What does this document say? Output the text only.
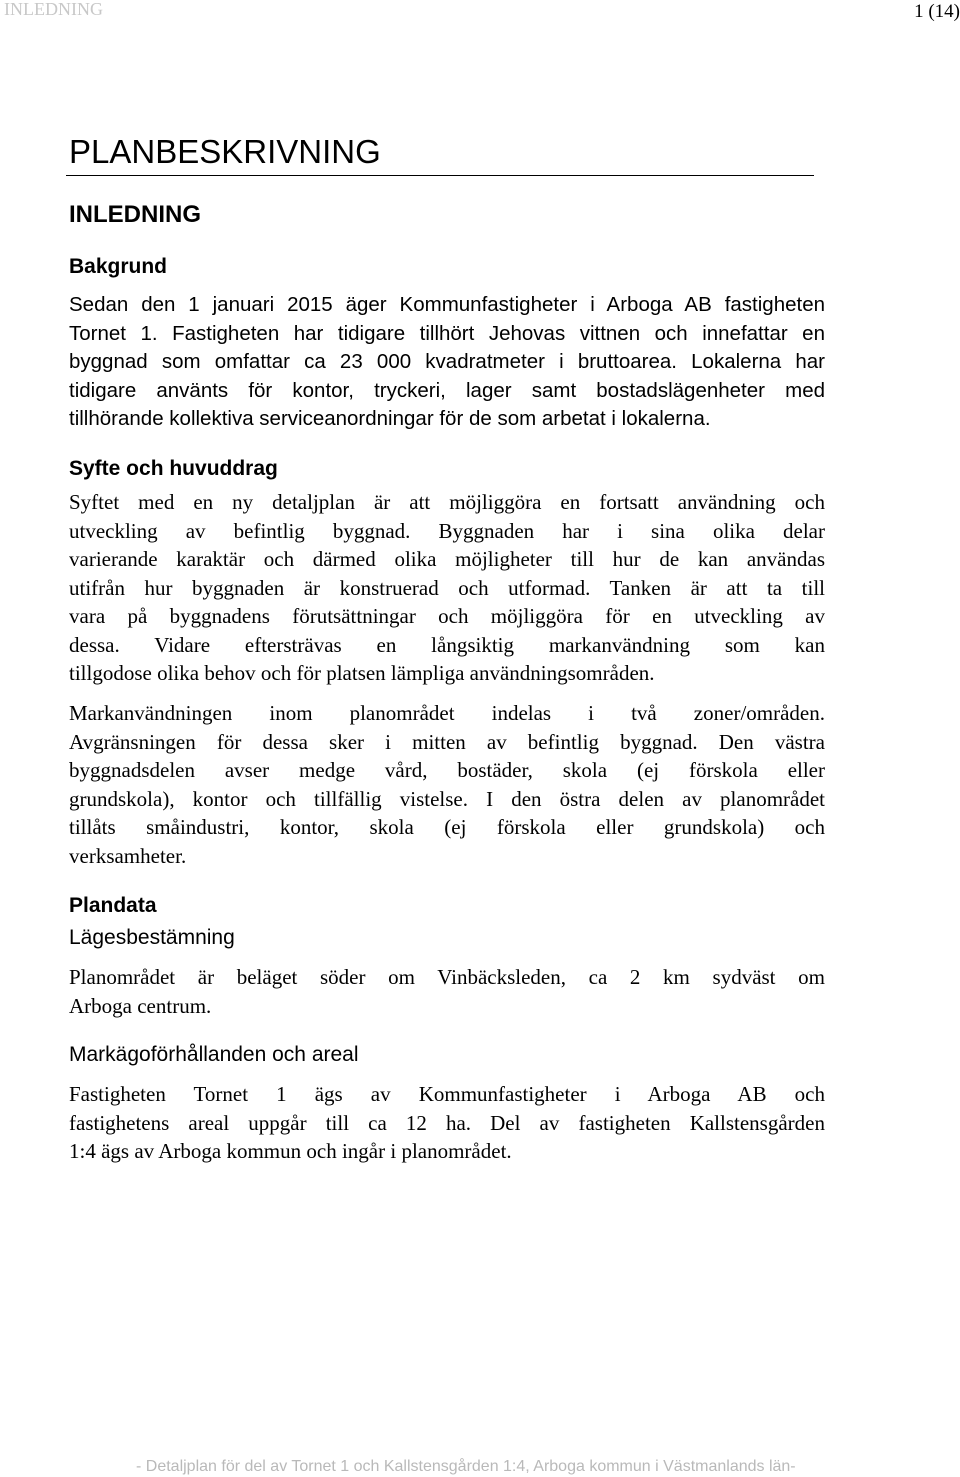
INLEDNING	1 (14)
PLANBESKRIVNING
INLEDNING
Bakgrund
Sedan den 1 januari 2015 äger Kommunfastigheter i Arboga AB fastigheten
Tornet 1. Fastigheten har tidigare tillhört Jehovas vittnen och innefattar en
byggnad som omfattar ca 23 000 kvadratmeter i bruttoarea. Lokalerna har
tidigare använts för kontor, tryckeri, lager samt bostadslägenheter med
tillhörande kollektiva serviceanordningar för de som arbetat i lokalerna.
Syfte och huvuddrag
Syftet med en ny detaljplan är att möjliggöra en fortsatt användning och
utveckling av befintlig byggnad. Byggnaden har i sina olika delar
varierande karaktär och därmed olika möjligheter till hur de kan användas
utifrån hur byggnaden är konstruerad och utformad. Tanken är att ta till
vara på byggnadens förutsättningar och möjliggöra för en utveckling av
dessa. Vidare eftersträvas en långsiktig markanvändning som kan
tillgodose olika behov och för platsen lämpliga användningsområden.
Markanvändningen inom planområdet indelas i två zoner/områden.
Avgränsningen för dessa sker i mitten av befintlig byggnad. Den västra
byggnadsdelen avser medge vård, bostäder, skola (ej förskola eller
grundskola), kontor och tillfällig vistelse. I den östra delen av planområdet
tillåts småindustri, kontor, skola (ej förskola eller grundskola) och
verksamheter.
Plandata
Lägesbestämning
Planområdet är beläget söder om Vinbäcksleden, ca 2 km sydväst om
Arboga centrum.
Markägoförhållanden och areal
Fastigheten Tornet 1 ägs av Kommunfastigheter i Arboga AB och
fastighetens areal uppgår till ca 12 ha. Del av fastigheten Kallstensgården
1:4 ägs av Arboga kommun och ingår i planområdet.
- Detaljplan för del av Tornet 1 och Kallstensgården 1:4, Arboga kommun i Västmanlands län-
